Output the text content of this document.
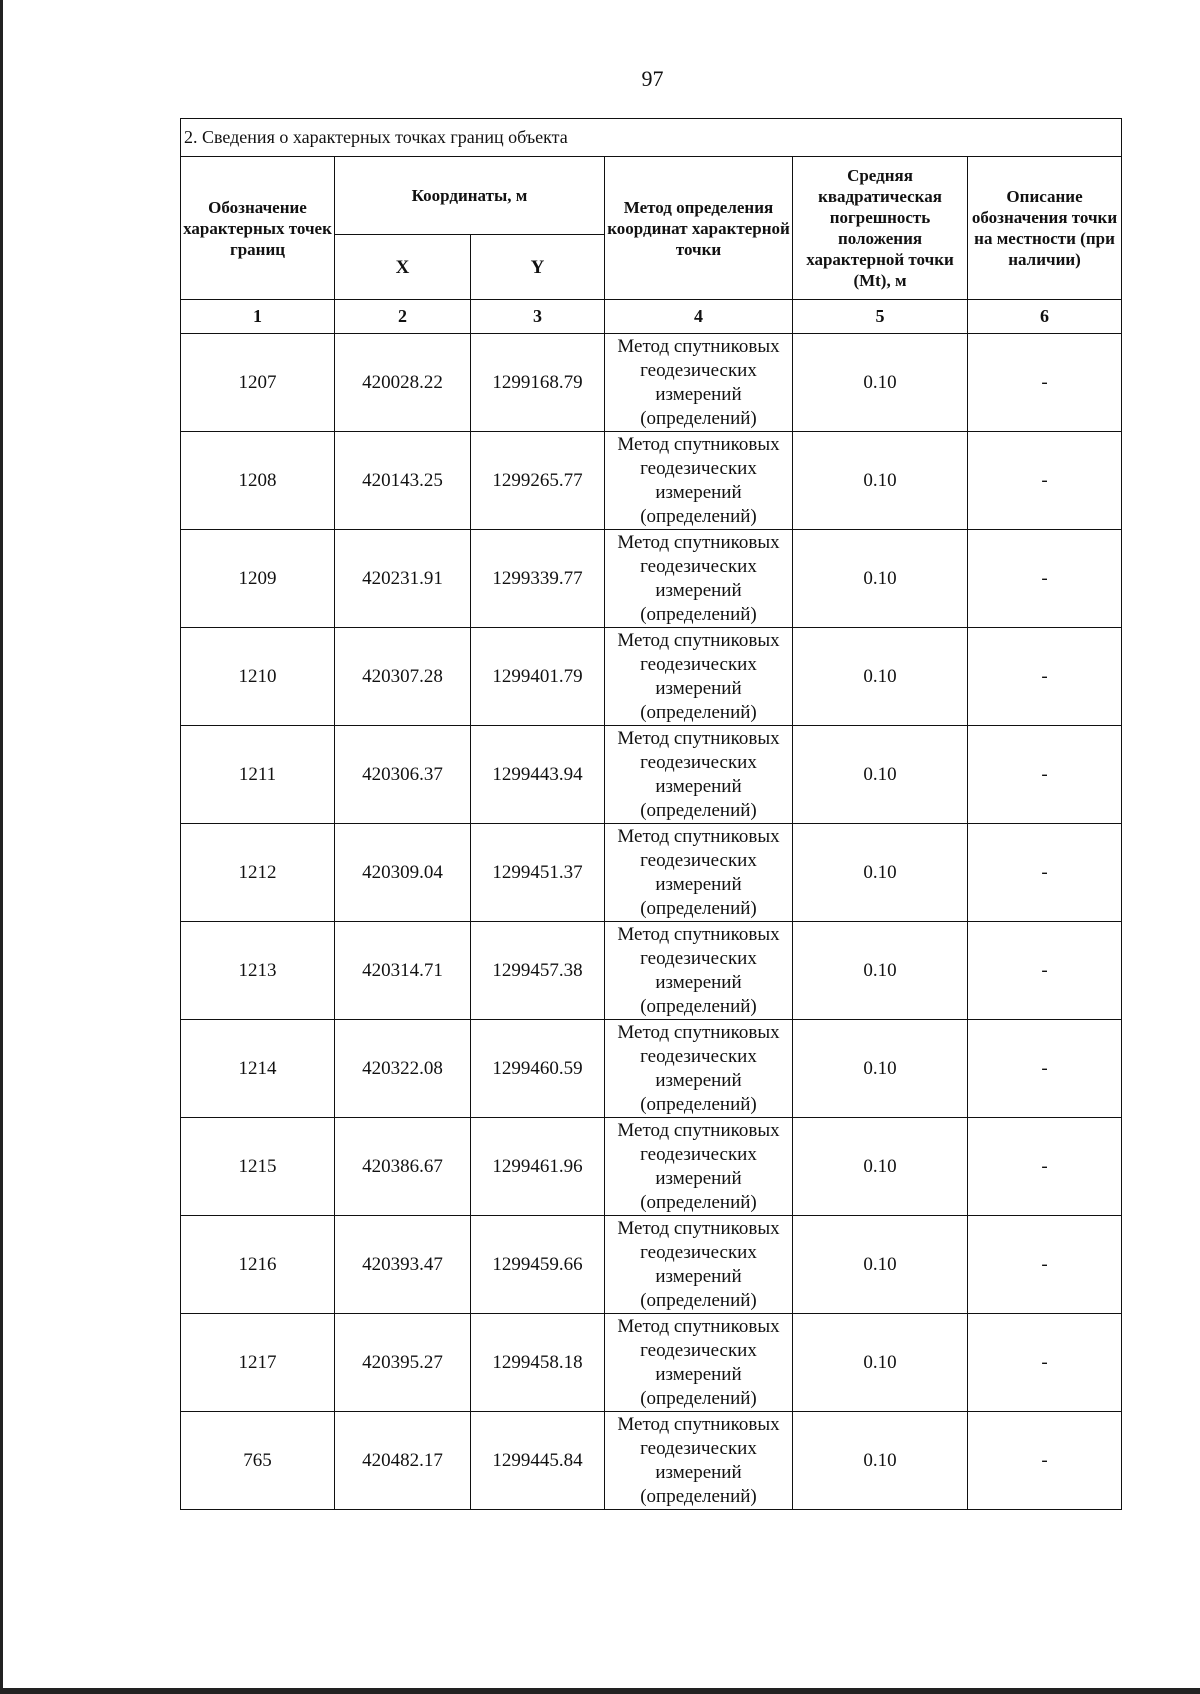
97
2. Сведения о характерных точках границ объекта					
Обозначение характерных точек границ	Координаты, м		Метод определения координат характерной точки	Средняя квадратическая погрешность положения характерной точки (Mt), м	Описание обозначения точки на местности (при наличии)
	X	Y			
1	2	3	4	5	6
1207	420028.22	1299168.79	Метод спутниковых геодезических измерений (определений)	0.10	-
1208	420143.25	1299265.77	Метод спутниковых геодезических измерений (определений)	0.10	-
1209	420231.91	1299339.77	Метод спутниковых геодезических измерений (определений)	0.10	-
1210	420307.28	1299401.79	Метод спутниковых геодезических измерений (определений)	0.10	-
1211	420306.37	1299443.94	Метод спутниковых геодезических измерений (определений)	0.10	-
1212	420309.04	1299451.37	Метод спутниковых геодезических измерений (определений)	0.10	-
1213	420314.71	1299457.38	Метод спутниковых геодезических измерений (определений)	0.10	-
1214	420322.08	1299460.59	Метод спутниковых геодезических измерений (определений)	0.10	-
1215	420386.67	1299461.96	Метод спутниковых геодезических измерений (определений)	0.10	-
1216	420393.47	1299459.66	Метод спутниковых геодезических измерений (определений)	0.10	-
1217	420395.27	1299458.18	Метод спутниковых геодезических измерений (определений)	0.10	-
765	420482.17	1299445.84	Метод спутниковых геодезических измерений (определений)	0.10	-
